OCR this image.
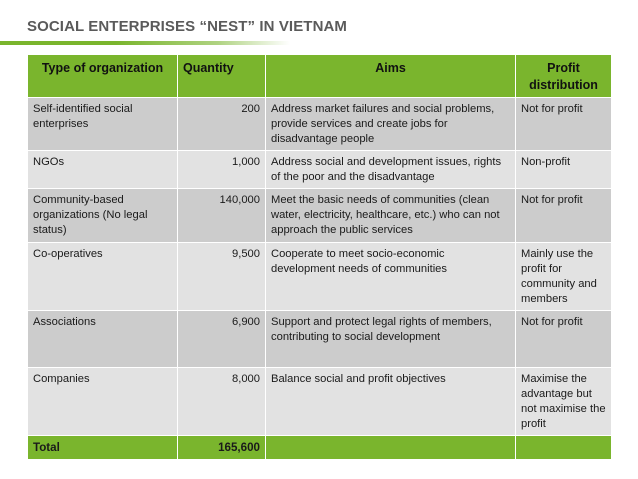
SOCIAL ENTERPRISES “NEST” IN VIETNAM
Type of organization	Quantity	Aims	Profit distribution
Self-identified social enterprises	200	Address market failures and social problems, provide services and create jobs for disadvantage people	Not for profit
NGOs	1,000	Address social and development issues, rights of the poor and the disadvantage	Non-profit
Community-based organizations (No legal status)	140,000	Meet the basic needs of communities (clean water, electricity, healthcare, etc.) who can not approach the public services	Not for profit
Co-operatives	9,500	Cooperate to meet socio-economic development needs of communities	Mainly use the profit for community and members
Associations	6,900	Support and protect legal rights of members, contributing to social development	Not for profit
Companies	8,000	Balance social and profit objectives	Maximise the advantage but not maximise the profit
Total	165,600		
